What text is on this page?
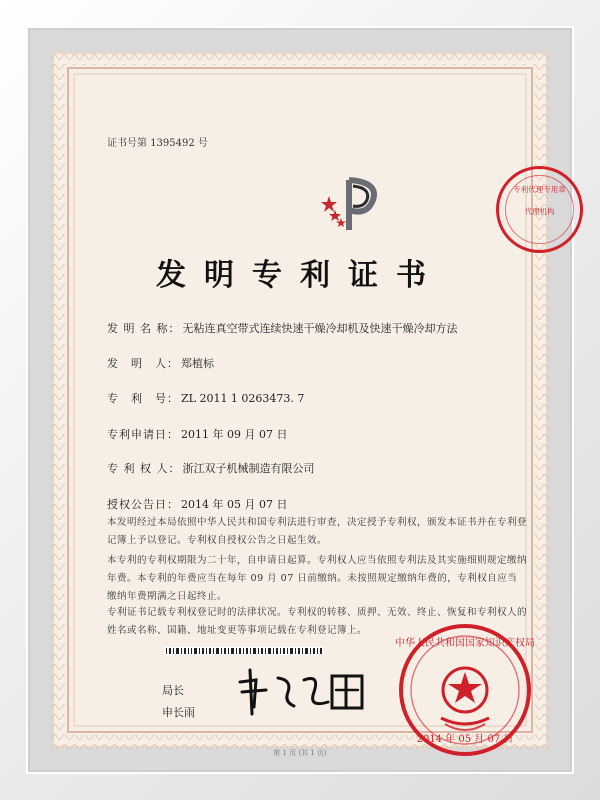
证书号第 1395492 号
发明专利证书
发 明 名 称： 无粘连真空带式连续快速干燥冷却机及快速干燥冷却方法
发　明　人： 郑植标
专　利　号： ZL 2011 1 0263473. 7
专利申请日： 2011 年 09 月 07 日
专 利 权 人： 浙江双子机械制造有限公司
授权公告日： 2014 年 05 月 07 日
本发明经过本局依照中华人民共和国专利法进行审查，决定授予专利权，颁发本证书并在专利登记簿上予以登记。专利权自授权公告之日起生效。
本专利的专利权期限为二十年，自申请日起算。专利权人应当依照专利法及其实施细则规定缴纳年费。本专利的年费应当在每年 09 月 07 日前缴纳。未按照规定缴纳年费的，专利权自应当缴纳年费期满之日起终止。
专利证书记载专利权登记时的法律状况。专利权的转移、质押、无效、终止、恢复和专利权人的姓名或名称、国籍、地址变更等事项记载在专利登记簿上。
局长
申长雨
中华人民共和国国家知识产权局
2014 年 05 月 07 日
专利代理专用章
代理机构
第 1 页 (共 1 页)
